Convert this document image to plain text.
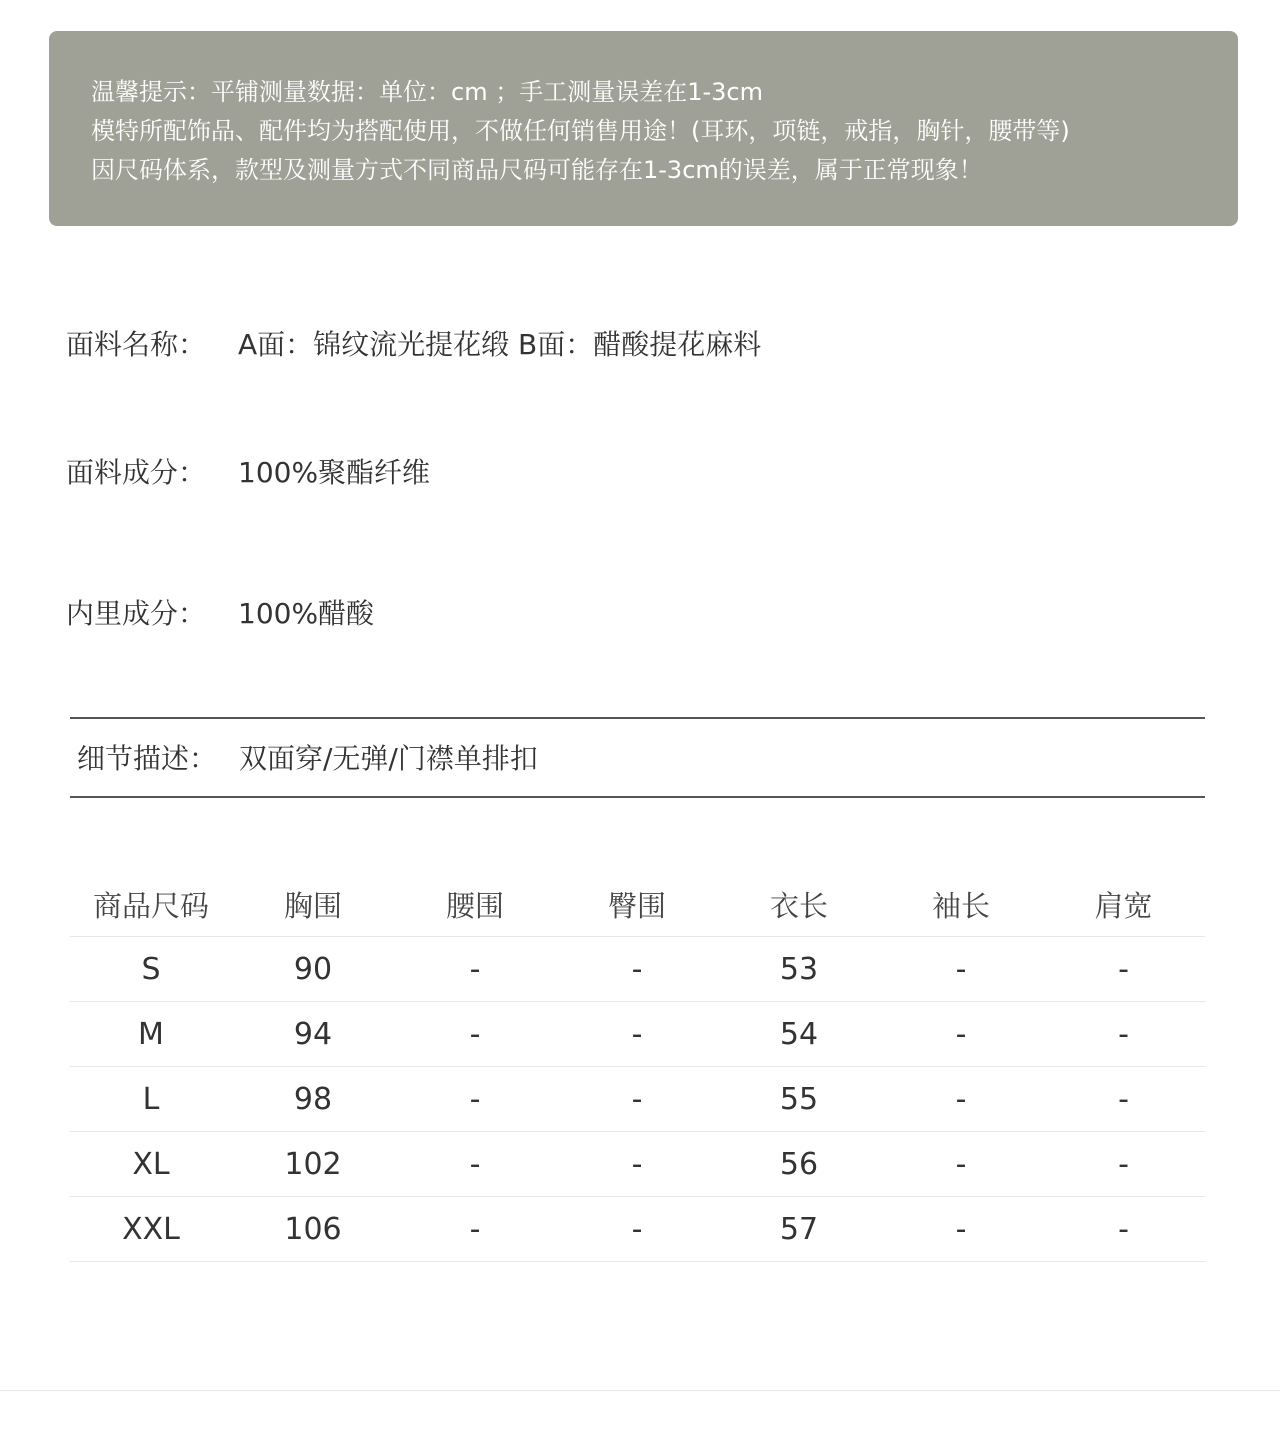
温馨提示：平铺测量数据：单位：cm ；手工测量误差在1-3cm
模特所配饰品、配件均为搭配使用，不做任何销售用途！(耳环，项链，戒指，胸针，腰带等)
因尺码体系，款型及测量方式不同商品尺码可能存在1-3cm的误差，属于正常现象！
面料名称： A面：锦纹流光提花缎 B面：醋酸提花麻料
面料成分： 100%聚酯纤维
内里成分： 100%醋酸
细节描述： 双面穿/无弹/门襟单排扣
商品尺码	胸围	腰围	臀围	衣长	袖长	肩宽
S	90	-	-	53	-	-
M	94	-	-	54	-	-
L	98	-	-	55	-	-
XL	102	-	-	56	-	-
XXL	106	-	-	57	-	-
